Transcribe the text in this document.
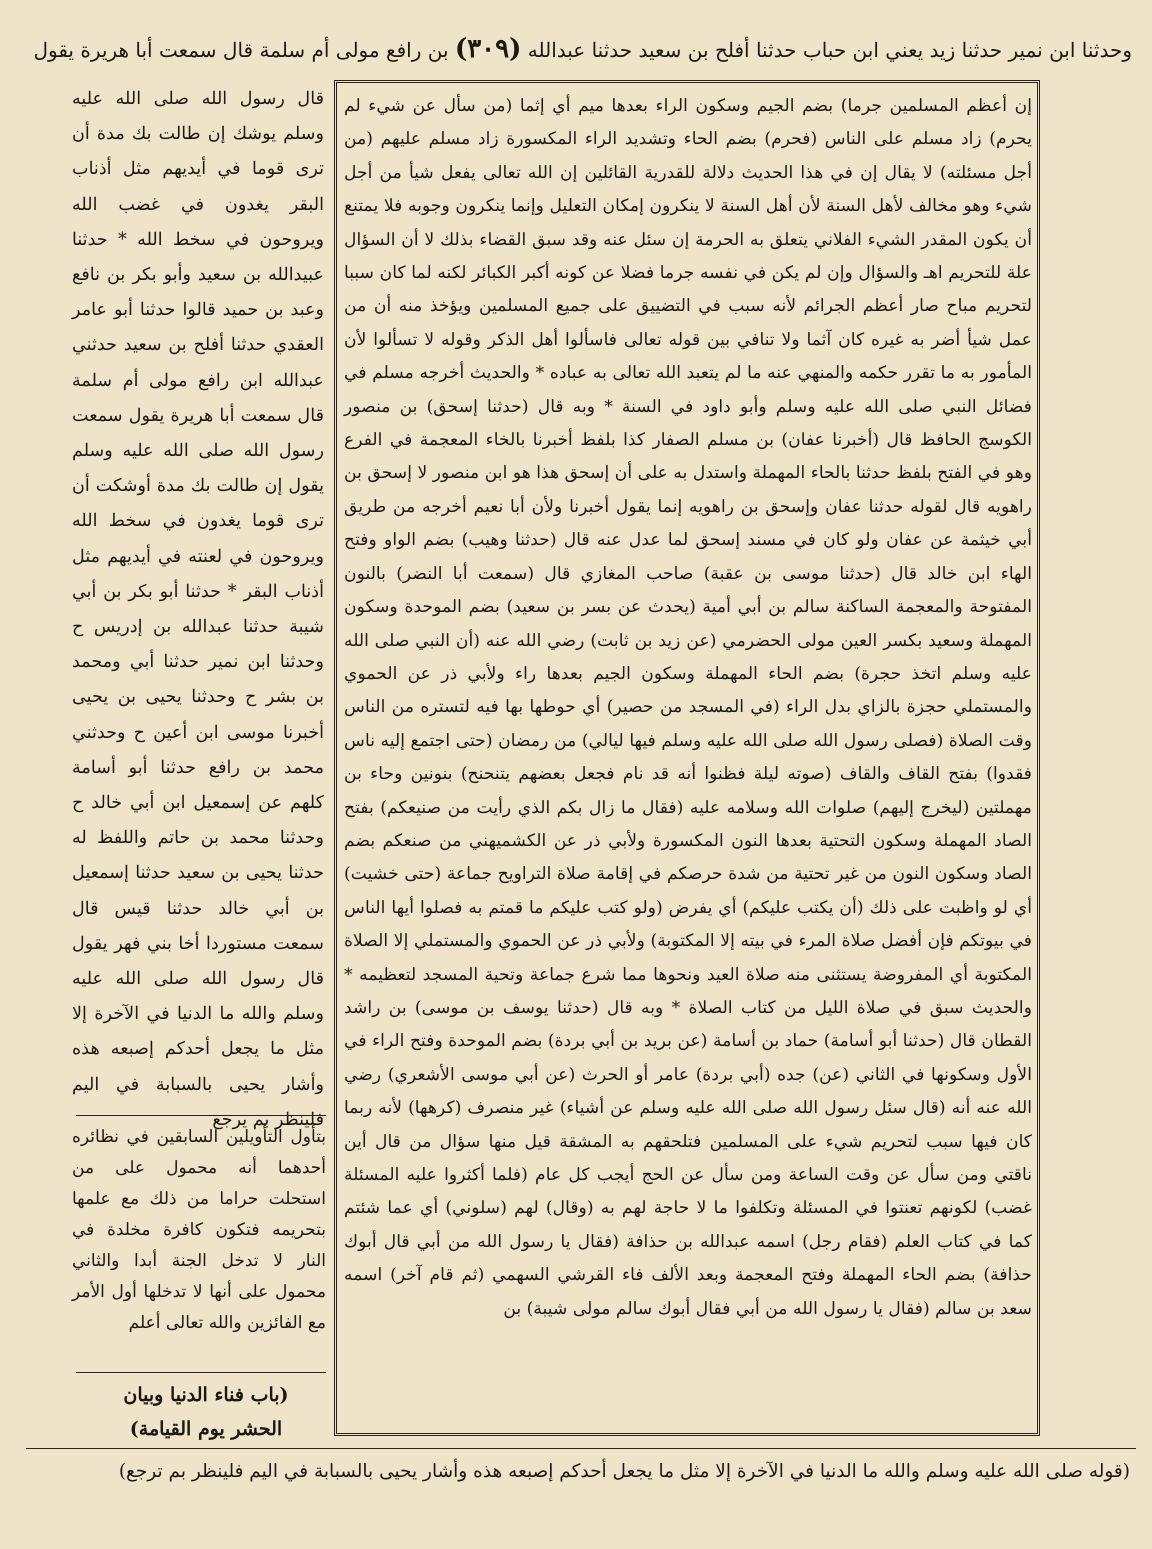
وحدثنا ابن نمير حدثنا زيد يعني ابن حباب حدثنا أفلح بن سعيد حدثنا عبدالله (٣٠٩) بن رافع مولى أم سلمة قال سمعت أبا هريرة يقول

إن أعظم المسلمين جرما) بضم الجيم وسكون الراء بعدها ميم أي إثما (من سأل عن شيء لم يحرم) زاد مسلم على الناس (فحرم) بضم الحاء وتشديد الراء المكسورة زاد مسلم عليهم (من أجل مسئلته) لا يقال إن في هذا الحديث دلالة للقدرية القائلين إن الله تعالى يفعل شيأ من أجل شيء وهو مخالف لأهل السنة لأن أهل السنة لا ينكرون إمكان التعليل وإنما ينكرون وجوبه فلا يمتنع أن يكون المقدر الشيء الفلاني يتعلق به الحرمة إن سئل عنه وقد سبق القضاء بذلك لا أن السؤال علة للتحريم اهـ والسؤال وإن لم يكن في نفسه جرما فضلا عن كونه أكبر الكبائر لكنه لما كان سببا لتحريم مباح صار أعظم الجرائم لأنه سبب في التضييق على جميع المسلمين ويؤخذ منه أن من عمل شيأ أضر به غيره كان آثما ولا تنافي بين قوله تعالى فاسألوا أهل الذكر وقوله لا تسألوا لأن المأمور به ما تقرر حكمه والمنهي عنه ما لم يتعبد الله تعالى به عباده * والحديث أخرجه مسلم في فضائل النبي صلى الله عليه وسلم وأبو داود في السنة * وبه قال (حدثنا إسحق) بن منصور الكوسج الحافظ قال (أخبرنا عفان) بن مسلم الصفار كذا بلفظ أخبرنا بالخاء المعجمة في الفرع وهو في الفتح بلفظ حدثنا بالحاء المهملة واستدل به على أن إسحق هذا هو ابن منصور لا إسحق بن راهويه قال لقوله حدثنا عفان وإسحق بن راهويه إنما يقول أخبرنا ولأن أبا نعيم أخرجه من طريق أبي خيثمة عن عفان ولو كان في مسند إسحق لما عدل عنه قال (حدثنا وهيب) بضم الواو وفتح الهاء ابن خالد قال (حدثنا موسى بن عقبة) صاحب المغازي قال (سمعت أبا النضر) بالنون المفتوحة والمعجمة الساكنة سالم بن أبي أمية (يحدث عن بسر بن سعيد) بضم الموحدة وسكون المهملة وسعيد بكسر العين مولى الحضرمي (عن زيد بن ثابت) رضي الله عنه (أن النبي صلى الله عليه وسلم اتخذ حجرة) بضم الحاء المهملة وسكون الجيم بعدها راء ولأبي ذر عن الحموي والمستملي حجزة بالزاي بدل الراء (في المسجد من حصير) أي حوطها بها فيه لتستره من الناس وقت الصلاة (فصلى رسول الله صلى الله عليه وسلم فيها ليالي) من رمضان (حتى اجتمع إليه ناس فقدوا) بفتح القاف والقاف (صوته ليلة فظنوا أنه قد نام فجعل بعضهم يتنحنح) بنونين وحاء بن مهملتين (ليخرج إليهم) صلوات الله وسلامه عليه (فقال ما زال بكم الذي رأيت من صنيعكم) بفتح الصاد المهملة وسكون التحتية بعدها النون المكسورة ولأبي ذر عن الكشميهني من صنعكم بضم الصاد وسكون النون من غير تحتية من شدة حرصكم في إقامة صلاة التراويح جماعة (حتى خشيت) أي لو واظبت على ذلك (أن يكتب عليكم) أي يفرض (ولو كتب عليكم ما قمتم به فصلوا أيها الناس في بيوتكم فإن أفضل صلاة المرء في بيته إلا المكتوبة) ولأبي ذر عن الحموي والمستملي إلا الصلاة المكتوبة أي المفروضة يستثنى منه صلاة العيد ونحوها مما شرع جماعة وتحية المسجد لتعظيمه * والحديث سبق في صلاة الليل من كتاب الصلاة * وبه قال (حدثنا يوسف بن موسى) بن راشد القطان قال (حدثنا أبو أسامة) حماد بن أسامة (عن بريد بن أبي بردة) بضم الموحدة وفتح الراء في الأول وسكونها في الثاني (عن) جده (أبي بردة) عامر أو الحرث (عن أبي موسى الأشعري) رضي الله عنه أنه (قال سئل رسول الله صلى الله عليه وسلم عن أشياء) غير منصرف (كرهها) لأنه ربما كان فيها سبب لتحريم شيء على المسلمين فتلحقهم به المشقة قيل منها سؤال من قال أين ناقتي ومن سأل عن وقت الساعة ومن سأل عن الحج أيجب كل عام (فلما أكثروا عليه المسئلة غضب) لكونهم تعنتوا في المسئلة وتكلفوا ما لا حاجة لهم به (وقال) لهم (سلوني) أي عما شئتم كما في كتاب العلم (فقام رجل) اسمه عبدالله بن حذافة (فقال يا رسول الله من أبي قال أبوك حذافة) بضم الحاء المهملة وفتح المعجمة وبعد الألف فاء القرشي السهمي (ثم قام آخر) اسمه سعد بن سالم (فقال يا رسول الله من أبي فقال أبوك سالم مولى شيبة) بن

قال رسول الله صلى الله عليه وسلم يوشك إن طالت بك مدة أن ترى قوما في أيديهم مثل أذناب البقر يغدون في غضب الله ويروحون في سخط الله * حدثنا عبيدالله بن سعيد وأبو بكر بن نافع وعبد بن حميد قالوا حدثنا أبو عامر العقدي حدثنا أفلح بن سعيد حدثني عبدالله ابن رافع مولى أم سلمة قال سمعت أبا هريرة يقول سمعت رسول الله صلى الله عليه وسلم يقول إن طالت بك مدة أوشكت أن ترى قوما يغدون في سخط الله ويروحون في لعنته في أيديهم مثل أذناب البقر * حدثنا أبو بكر بن أبي شيبة حدثنا عبدالله بن إدريس ح وحدثنا ابن نمير حدثنا أبي ومحمد بن بشر ح وحدثنا يحيى بن يحيى أخبرنا موسى ابن أعين ح وحدثني محمد بن رافع حدثنا أبو أسامة كلهم عن إسمعيل ابن أبي خالد ح وحدثنا محمد بن حاتم واللفظ له حدثنا يحيى بن سعيد حدثنا إسمعيل بن أبي خالد حدثنا قيس قال سمعت مستوردا أخا بني فهر يقول قال رسول الله صلى الله عليه وسلم والله ما الدنيا في الآخرة إلا مثل ما يجعل أحدكم إصبعه هذه وأشار يحيى بالسبابة في اليم فلينظر بم يرجع
بتأول التأويلين السابقين في نظائره أحدهما أنه محمول على من استحلت حراما من ذلك مع علمها بتحريمه فتكون كافرة مخلدة في النار لا تدخل الجنة أبدا والثاني محمول على أنها لا تدخلها أول الأمر مع الفائزين والله تعالى أعلم
(باب فناء الدنيا وبيان الحشر يوم القيامة)
(قوله صلى الله عليه وسلم والله ما الدنيا في الآخرة إلا مثل ما يجعل أحدكم إصبعه هذه وأشار يحيى بالسبابة في اليم فلينظر بم ترجع)
